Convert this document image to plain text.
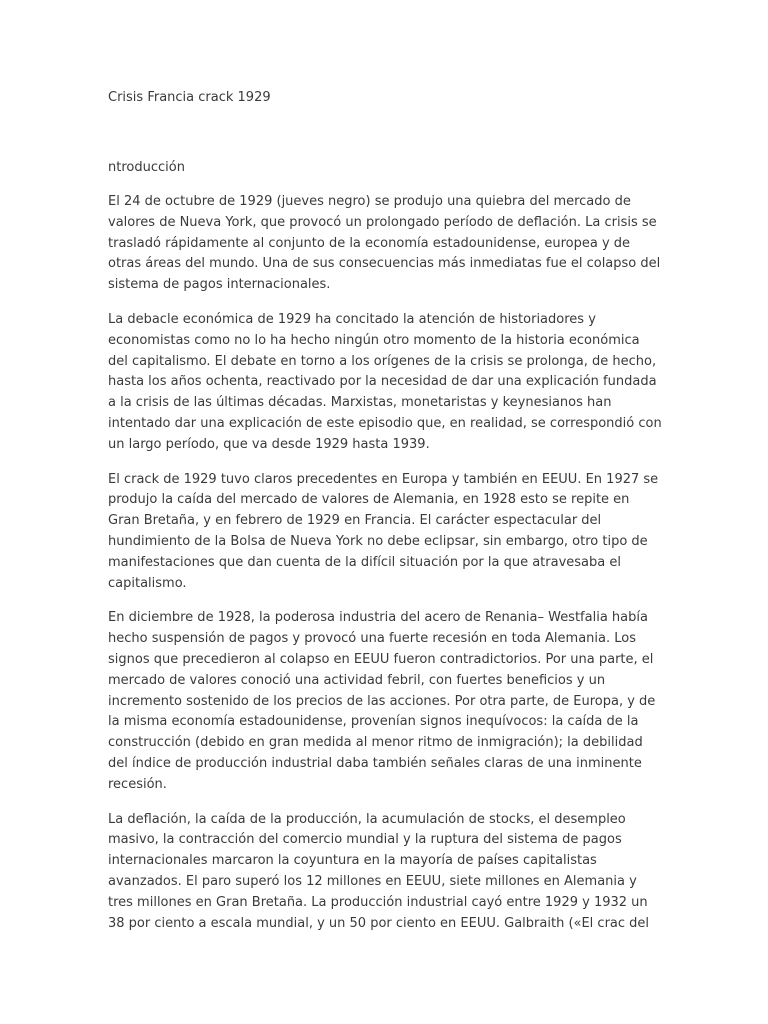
Crisis Francia crack 1929

ntroducción

El 24 de octubre de 1929 (jueves negro) se produjo una quiebra del mercado de valores de Nueva York, que provocó un prolongado período de deflación. La crisis se trasladó rápidamente al conjunto de la economía estadounidense, europea y de otras áreas del mundo. Una de sus consecuencias más inmediatas fue el colapso del sistema de pagos internacionales.

La debacle económica de 1929 ha concitado la atención de historiadores y economistas como no lo ha hecho ningún otro momento de la historia económica del capitalismo. El debate en torno a los orígenes de la crisis se prolonga, de hecho, hasta los años ochenta, reactivado por la necesidad de dar una explicación fundada a la crisis de las últimas décadas. Marxistas, monetaristas y keynesianos han intentado dar una explicación de este episodio que, en realidad, se correspondió con un largo período, que va desde 1929 hasta 1939.

El crack de 1929 tuvo claros precedentes en Europa y también en EEUU. En 1927 se produjo la caída del mercado de valores de Alemania, en 1928 esto se repite en Gran Bretaña, y en febrero de 1929 en Francia. El carácter espectacular del hundimiento de la Bolsa de Nueva York no debe eclipsar, sin embargo, otro tipo de manifestaciones que dan cuenta de la difícil situación por la que atravesaba el capitalismo.

En diciembre de 1928, la poderosa industria del acero de Renania– Westfalia había hecho suspensión de pagos y provocó una fuerte recesión en toda Alemania. Los signos que precedieron al colapso en EEUU fueron contradictorios. Por una parte, el mercado de valores conoció una actividad febril, con fuertes beneficios y un incremento sostenido de los precios de las acciones. Por otra parte, de Europa, y de la misma economía estadounidense, provenían signos inequívocos: la caída de la construcción (debido en gran medida al menor ritmo de inmigración); la debilidad del índice de producción industrial daba también señales claras de una inminente recesión.

La deflación, la caída de la producción, la acumulación de stocks, el desempleo masivo, la contracción del comercio mundial y la ruptura del sistema de pagos internacionales marcaron la coyuntura en la mayoría de países capitalistas avanzados. El paro superó los 12 millones en EEUU, siete millones en Alemania y tres millones en Gran Bretaña. La producción industrial cayó entre 1929 y 1932 un 38 por ciento a escala mundial, y un 50 por ciento en EEUU. Galbraith («El crac del
